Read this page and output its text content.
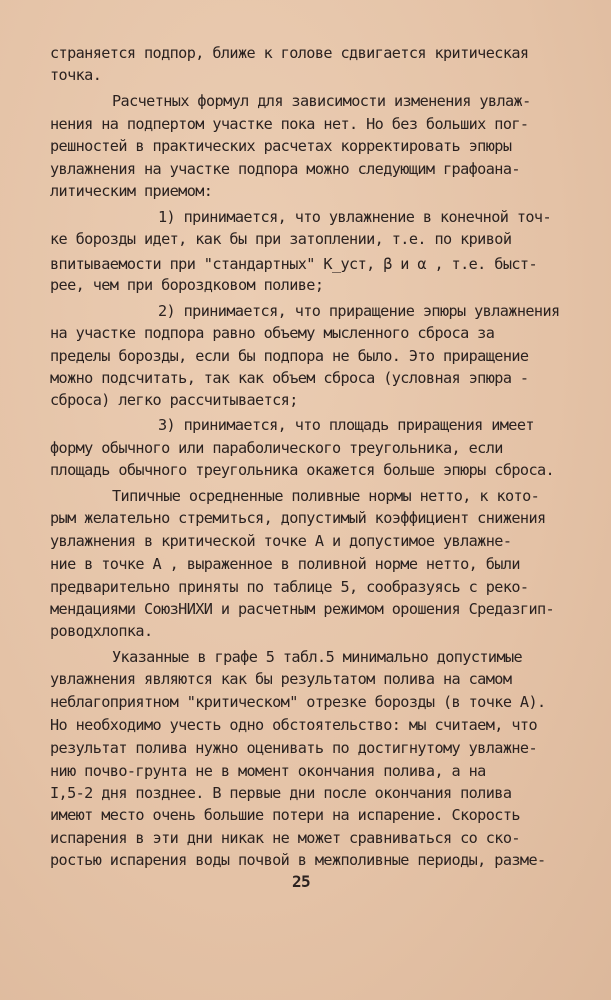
страняется подпор, ближе к голове сдвигается критическая
точка.
Расчетных формул для зависимости изменения увлаж-
нения на подпертом участке пока нет. Но без больших пог-
решностей в практических расчетах корректировать эпюры
увлажнения на участке подпора можно следующим графоана-
литическим приемом:
1) принимается, что увлажнение в конечной точ-
ке борозды идет, как бы при затоплении, т.е. по кривой
впитываемости при "стандартных" K_уст, β и α , т.е. быст-
рее, чем при бороздковом поливе;
2) принимается, что приращение эпюры увлажнения
на участке подпора равно объему мысленного сброса за
пределы борозды, если бы подпора не было. Это приращение
можно подсчитать, так как объем сброса (условная эпюра -
сброса) легко рассчитывается;
3) принимается, что площадь приращения имеет
форму обычного или параболического треугольника, если
площадь обычного треугольника окажется больше эпюры сброса.
Типичные осредненные поливные нормы нетто, к кото-
рым желательно стремиться, допустимый коэффициент снижения
увлажнения в критической точке A и допустимое увлажне-
ние в точке A , выраженное в поливной норме нетто, были
предварительно приняты по таблице 5, сообразуясь с реко-
мендациями СоюзНИХИ и расчетным режимом орошения Средазгип-
роводхлопка.
Указанные в графе 5 табл.5 минимально допустимые
увлажнения являются как бы результатом полива на самом
неблагоприятном "критическом" отрезке борозды (в точке A).
Но необходимо учесть одно обстоятельство: мы считаем, что
результат полива нужно оценивать по достигнутому увлажне-
нию почво-грунта не в момент окончания полива, а на
I,5-2 дня позднее. В первые дни после окончания полива
имеют место очень большие потери на испарение. Скорость
испарения в эти дни никак не может сравниваться со ско-
ростью испарения воды почвой в межполивные периоды, разме-
25
